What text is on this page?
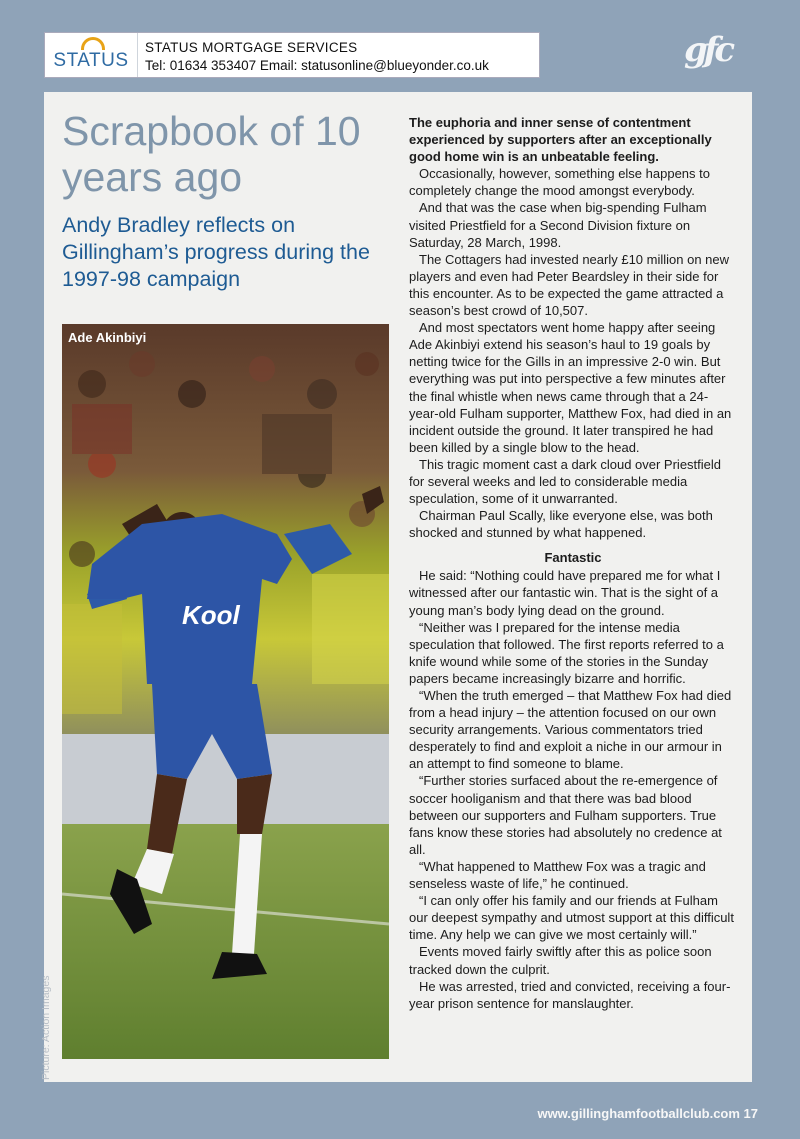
STATUS
STATUS MORTGAGE SERVICES
Tel: 01634 353407 Email: statusonline@blueyonder.co.uk	gfc
Scrapbook of 10 years ago
Andy Bradley reflects on Gillingham’s progress during the 1997-98 campaign
Kool
Ade Akinbiyi
Picture: Action Images

The euphoria and inner sense of contentment experienced by supporters after an exceptionally good home win is an unbeatable feeling.

Occasionally, however, something else happens to completely change the mood amongst everybody.

And that was the case when big-spending Fulham visited Priestfield for a Second Division fixture on Saturday, 28 March, 1998.

The Cottagers had invested nearly £10 million on new players and even had Peter Beardsley in their side for this encounter. As to be expected the game attracted a season’s best crowd of 10,507.

And most spectators went home happy after seeing Ade Akinbiyi extend his season’s haul to 19 goals by netting twice for the Gills in an impressive 2-0 win. But everything was put into perspective a few minutes after the final whistle when news came through that a 24-year-old Fulham supporter, Matthew Fox, had died in an incident outside the ground. It later transpired he had been killed by a single blow to the head.

This tragic moment cast a dark cloud over Priestfield for several weeks and led to considerable media speculation, some of it unwarranted.

Chairman Paul Scally, like everyone else, was both shocked and stunned by what happened.

Fantastic

He said: “Nothing could have prepared me for what I witnessed after our fantastic win. That is the sight of a young man’s body lying dead on the ground.

“Neither was I prepared for the intense media speculation that followed. The first reports referred to a knife wound while some of the stories in the Sunday papers became increasingly bizarre and horrific.

“When the truth emerged – that Matthew Fox had died from a head injury – the attention focused on our own security arrangements. Various commentators tried desperately to find and exploit a niche in our armour in an attempt to find someone to blame.

“Further stories surfaced about the re-emergence of soccer hooliganism and that there was bad blood between our supporters and Fulham supporters. True fans know these stories had absolutely no credence at all.

“What happened to Matthew Fox was a tragic and senseless waste of life,” he continued.

“I can only offer his family and our friends at Fulham our deepest sympathy and utmost support at this difficult time. Any help we can give we most certainly will.”

Events moved fairly swiftly after this as police soon tracked down the culprit.

He was arrested, tried and convicted, receiving a four-year prison sentence for manslaughter.

www.gillinghamfootballclub.com 17
